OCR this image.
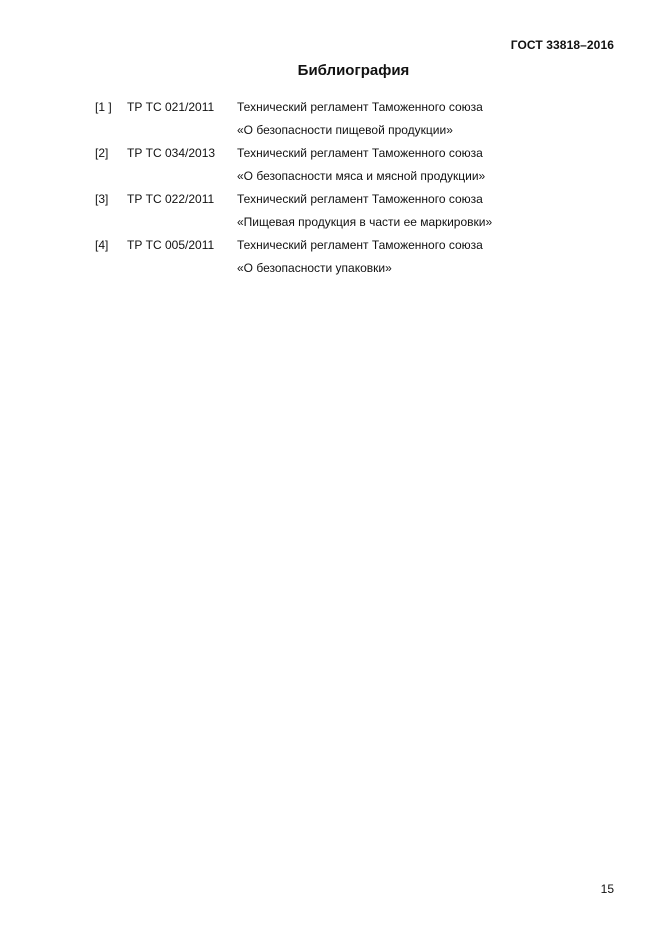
ГОСТ 33818–2016
Библиография
[1 ]	ТР ТС 021/2011	Технический регламент Таможенного союза
«О безопасности пищевой продукции»
[2]	ТР ТС 034/2013	Технический регламент Таможенного союза
«О безопасности мяса и мясной продукции»
[3]	ТР ТС 022/2011	Технический регламент Таможенного союза
«Пищевая продукция в части ее маркировки»
[4]	ТР ТС 005/2011	Технический регламент Таможенного союза
«О безопасности упаковки»
15
